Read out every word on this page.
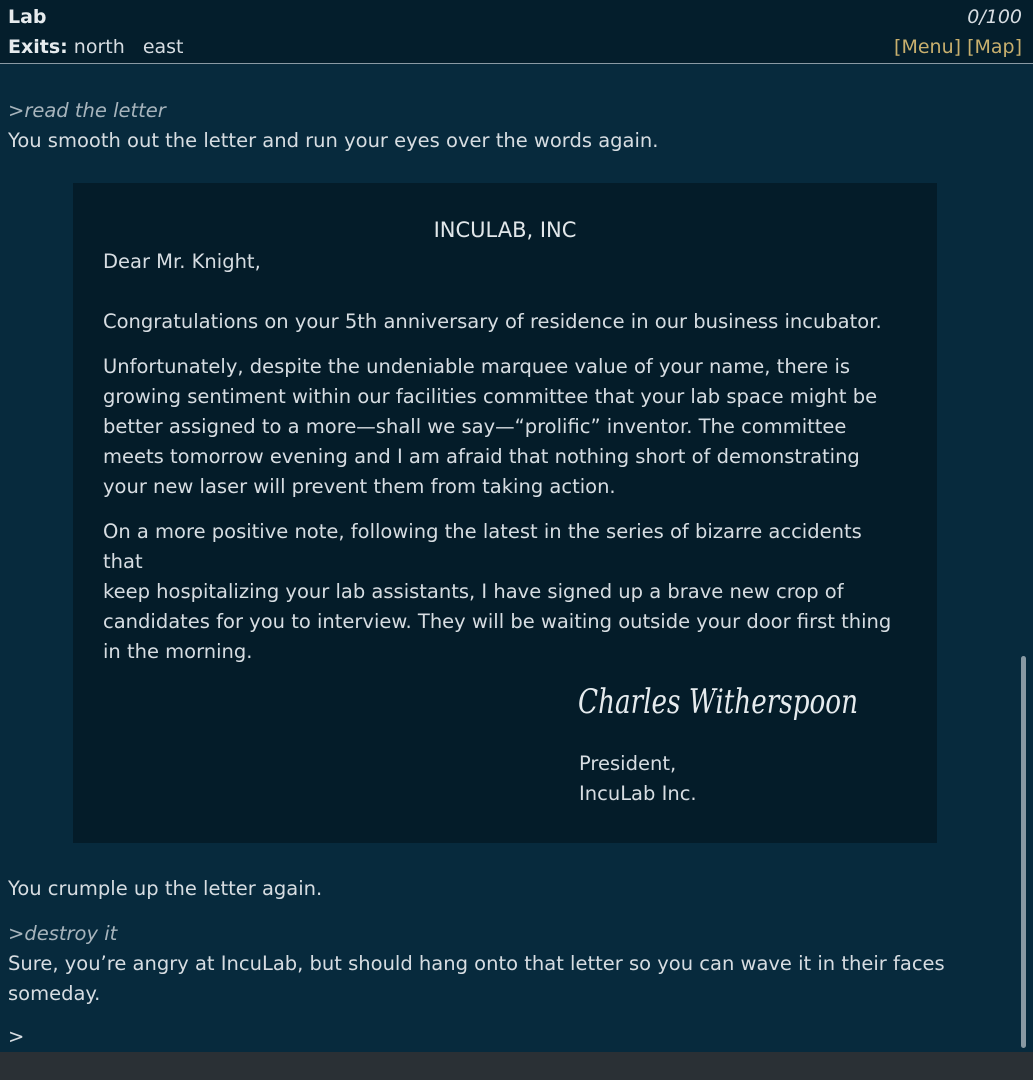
Lab	0/100
Exits: north east	[Menu] [Map]

>read the letter

You smooth out the letter and run your eyes over the words again.

INCULAB, INC
Dear Mr. Knight,

Congratulations on your 5th anniversary of residence in our business incubator.

Unfortunately, despite the undeniable marquee value of your name, there is
growing sentiment within our facilities committee that your lab space might be
better assigned to a more—shall we say—“prolific” inventor. The committee
meets tomorrow evening and I am afraid that nothing short of demonstrating
your new laser will prevent them from taking action.

On a more positive note, following the latest in the series of bizarre accidents that
keep hospitalizing your lab assistants, I have signed up a brave new crop of
candidates for you to interview. They will be waiting outside your door first thing
in the morning.

Charles Witherspoon
President,
IncuLab Inc.
You crumple up the letter again.
>destroy it
Sure, you’re angry at IncuLab, but should hang onto that letter so you can wave it in their faces
someday.
>
